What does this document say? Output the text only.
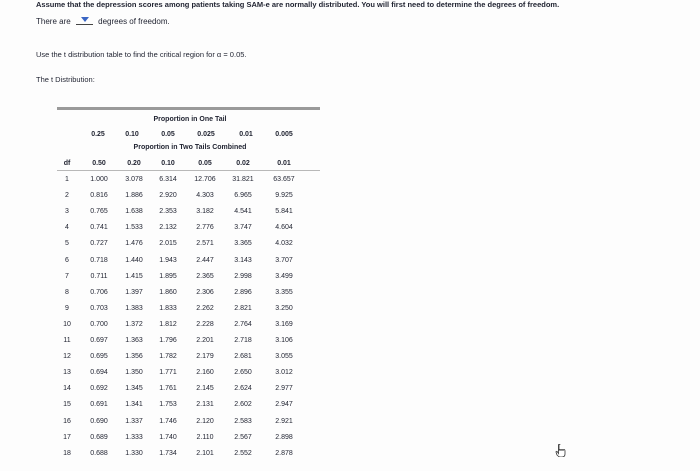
Assume that the depression scores among patients taking SAM-e are normally distributed. You will first need to determine the degrees of freedom.
There are	degrees of freedom.
Use the t distribution table to find the critical region for α = 0.05.
The t Distribution:
Proportion in One Tail
Proportion in Two Tails Combined
df
0.25	0.10	0.05	0.025	0.01	0.005
0.50	0.20	0.10	0.05	0.02	0.01
1	1.000 3.078 6.314	12.706 31.821	63.657
2	0.816 1.886 2.920	4.303	6.965	9.925
3	0.765 1.638 2.353	3.182	4.541	5.841
4	0.741 1.533 2.132	2.776	3.747	4.604
5	0.727 1.476 2.015	2.571	3.365	4.032
6	0.718 1.440 1.943	2.447	3.143	3.707
7	0.711	1.415 1.895	2.365	2.998	3.499
8	0.706 1.397 1.860	2.306	2.896	3.355
9	0.703 1.383 1.833	2.262	2.821	3.250
10	0.700 1.372 1.812	2.228	2.764	3.169
11	0.697 1.363 1.796	2.201	2.718	3.106
12	0.695 1.356 1.782	2.179	2.681	3.055
13	0.694 1.350 1.771	2.160	2.650	3.012
14	0.692 1.345 1.761	2.145	2.624	2.977
15	0.691 1.341 1.753	2.131	2.602	2.947
16	0.690 1.337 1.746	2.120	2.583	2.921
17	0.689 1.333 1.740	2.110	2.567	2.898
18	0.688 1.330 1.734	2.101	2.552	2.878
